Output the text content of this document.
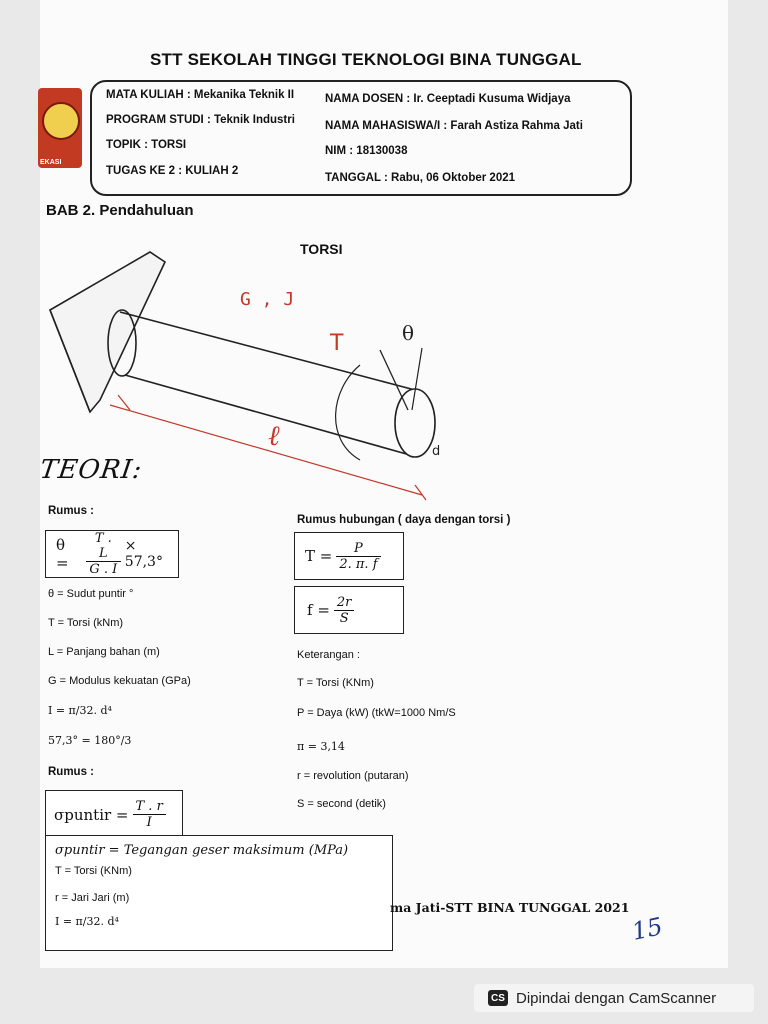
STT SEKOLAH TINGGI TEKNOLOGI BINA TUNGGAL
EKASI
MATA KULIAH : Mekanika Teknik II
PROGRAM STUDI : Teknik Industri
TOPIK : TORSI
TUGAS KE 2 : KULIAH 2
NAMA DOSEN : Ir. Ceeptadi Kusuma Widjaya
NAMA MAHASISWA/I : Farah Astiza Rahma Jati
NIM : 18130038
TANGGAL : Rabu, 06 Oktober 2021
BAB 2. Pendahuluan
TORSI
G , J
T	θ
ℓ	d
TEORI:
Rumus :
θ =	$\frac{T . L}{G . I} \times 57,3^\circ$
θ = Sudut puntir °
T = Torsi (kNm)
L = Panjang bahan (m)
G = Modulus kekuatan (GPa)
I = π/32. d⁴
57,3° = 180°/3
Rumus :
σpuntir = $\frac{T . r}{I}$
σpuntir = Tegangan geser maksimum (MPa)
T = Torsi (KNm)
r = Jari Jari (m)
I = π/32. d⁴
Rumus hubungan ( daya dengan torsi )
$T = \frac{P}{2. \pi. f}$
$f = \frac{2r}{S}$
Keterangan :
T = Torsi (KNm)
P = Daya (kW) (tkW=1000 Nm/S
π = 3,14
r = revolution (putaran)
S = second (detik)
ma Jati-STT BINA TUNGGAL 2021
15
CS Dipindai dengan CamScanner
